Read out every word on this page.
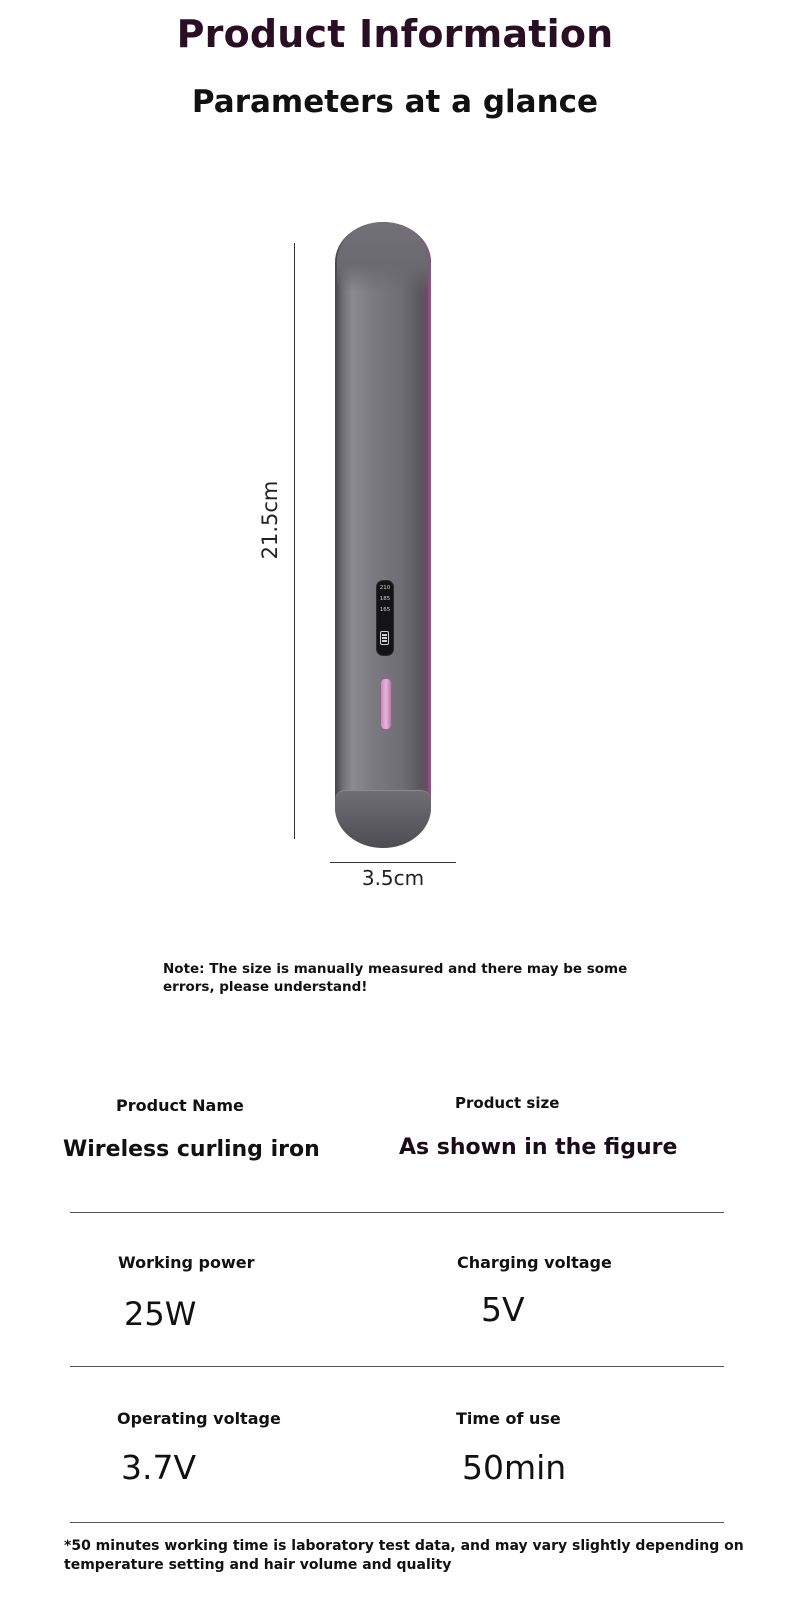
Product Information
Parameters at a glance
21.5cm
210
185
165
3.5cm
Note: The size is manually measured and there may be some errors, please understand!
Product Name
Wireless curling iron
Product size
As shown in the figure
Working power
25W
Charging voltage
5V
Operating voltage
3.7V
Time of use
50min
*50 minutes working time is laboratory test data, and may vary slightly depending on temperature setting and hair volume and quality
